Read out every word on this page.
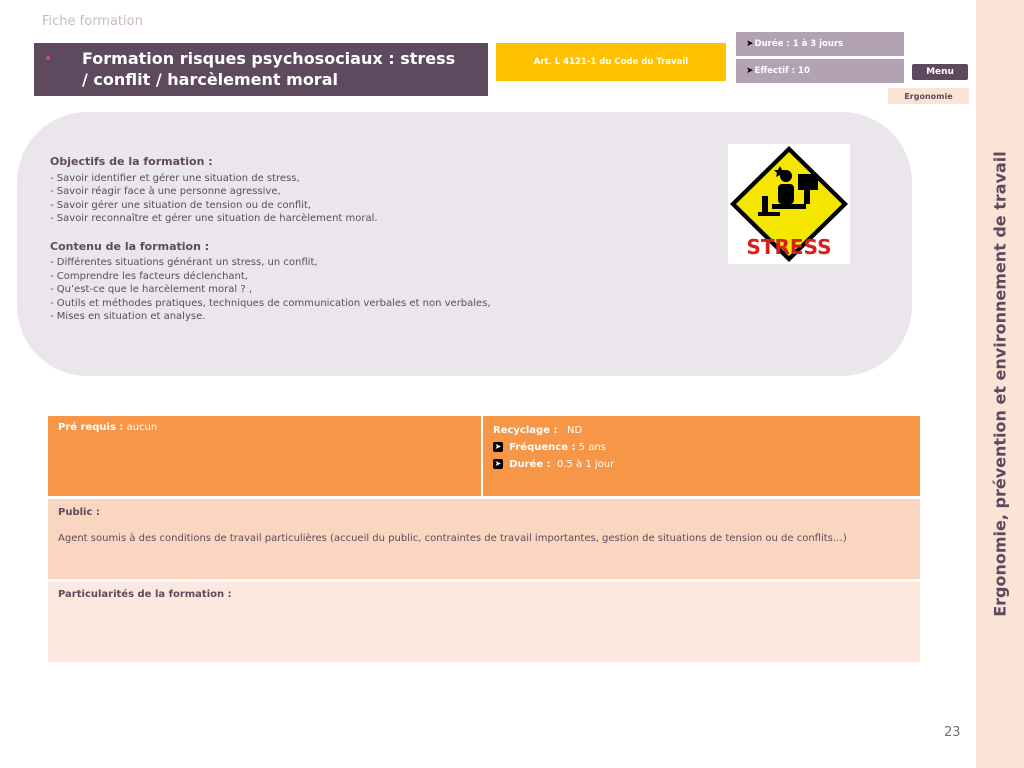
Fiche formation
• Formation risques psychosociaux : stress / conflit / harcèlement moral
Art. L 4121-1 du Code du Travail
➤ Durée : 1 à 3 jours
➤ Effectif : 10	Menu
Ergonomie
Objectifs de la formation :
- Savoir identifier et gérer une situation de stress,
- Savoir réagir face à une personne agressive,
- Savoir gérer une situation de tension ou de conflit,
- Savoir reconnaître et gérer une situation de harcèlement moral.
Contenu de la formation :
- Différentes situations générant un stress, un conflit,
- Comprendre les facteurs déclenchant,
- Qu’est-ce que le harcèlement moral ? ,
- Outils et méthodes pratiques, techniques de communication verbales et non verbales,
- Mises en situation et analyse.
STRESS
Pré requis : aucun	Recyclage : ND
➤ Fréquence : 5 ans
➤ Durée : 0.5 à 1 jour
Public :
Agent soumis à des conditions de travail particulières (accueil du public, contraintes de travail importantes, gestion de situations de tension ou de conflits…)
Particularités de la formation :	Ergonomie, prévention et environnement de travail
23
